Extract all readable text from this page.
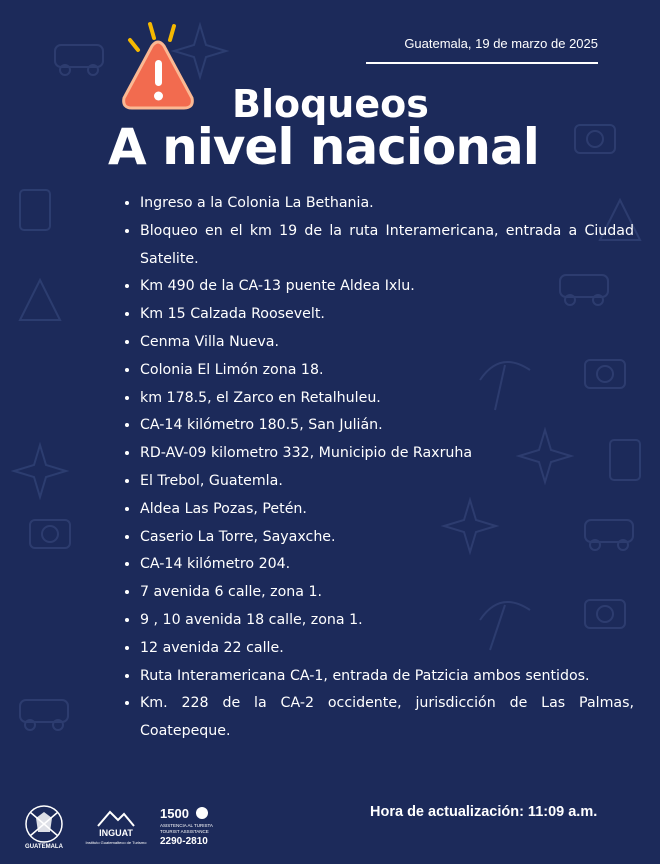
Guatemala, 19 de marzo de 2025
Bloqueos
A nivel nacional
• Ingreso a la Colonia La Bethania.
• Bloqueo en el km 19 de la ruta Interamericana, entrada a Ciudad Satelite.
• Km 490 de la CA-13 puente Aldea Ixlu.
• Km 15 Calzada Roosevelt.
• Cenma Villa Nueva.
• Colonia El Limón zona 18.
• km 178.5, el Zarco en Retalhuleu.
• CA-14 kilómetro 180.5, San Julián.
• RD-AV-09 kilometro 332, Municipio de Raxruha
• El Trebol, Guatemla.
• Aldea Las Pozas, Petén.
• Caserio La Torre, Sayaxche.
• CA-14 kilómetro 204.
• 7 avenida 6 calle, zona 1.
• 9 , 10 avenida 18 calle, zona 1.
• 12 avenida 22 calle.
• Ruta Interamericana CA-1, entrada de Patzicia ambos sentidos.
• Km. 228 de la CA-2 occidente, jurisdicción de Las Palmas, Coatepeque.
GUATEMALA
INGUAT
Instituto Guatemalteco de Turismo
1500
ASISTENCIA AL TURISTA
TOURIST ASSISTANCE
2290-2810
Hora de actualización: 11:09 a.m.
